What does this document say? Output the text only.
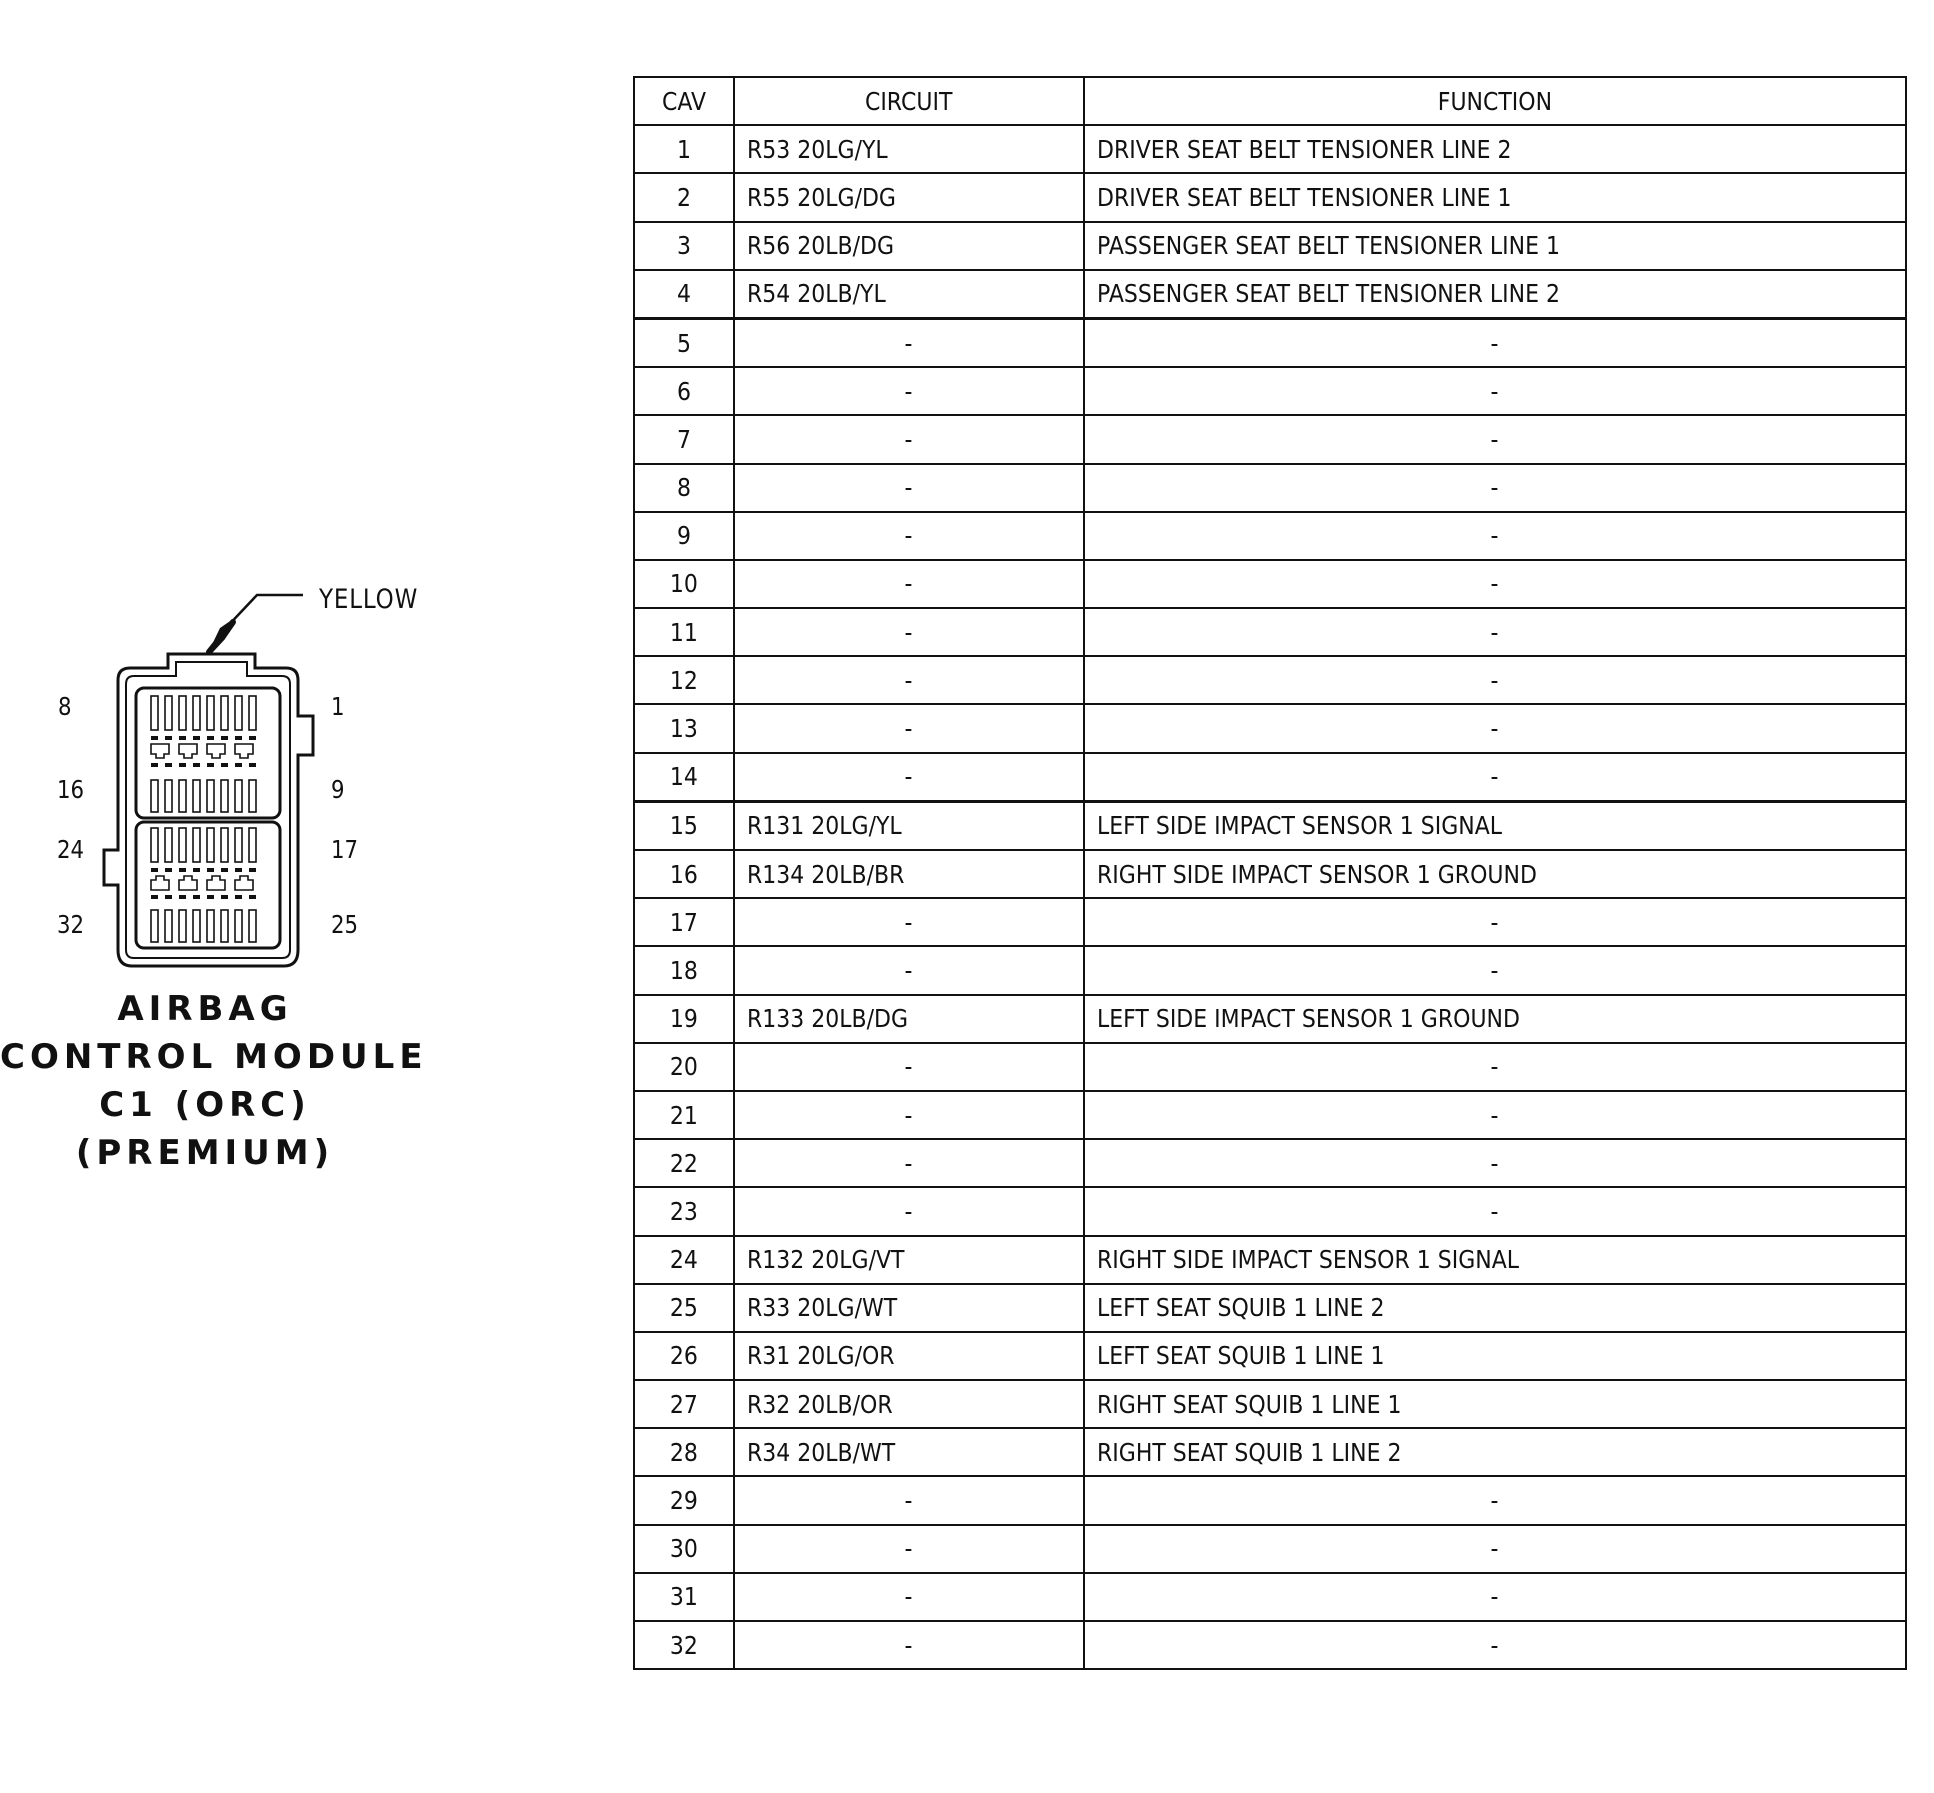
YELLOW
8	1
16	9
24	17
32	25
AIRBAG
CONTROL MODULE
C1 (ORC)
(PREMIUM)
CAV	CIRCUIT	FUNCTION
1	R53 20LG/YL	DRIVER SEAT BELT TENSIONER LINE 2
2	R55 20LG/DG	DRIVER SEAT BELT TENSIONER LINE 1
3	R56 20LB/DG	PASSENGER SEAT BELT TENSIONER LINE 1
4	R54 20LB/YL	PASSENGER SEAT BELT TENSIONER LINE 2
5	-	-
6	-	-
7	-	-
8	-	-
9	-	-
10	-	-
11	-	-
12	-	-
13	-	-
14	-	-
15	R131 20LG/YL	LEFT SIDE IMPACT SENSOR 1 SIGNAL
16	R134 20LB/BR	RIGHT SIDE IMPACT SENSOR 1 GROUND
17	-	-
18	-	-
19	R133 20LB/DG	LEFT SIDE IMPACT SENSOR 1 GROUND
20	-	-
21	-	-
22	-	-
23	-	-
24	R132 20LG/VT	RIGHT SIDE IMPACT SENSOR 1 SIGNAL
25	R33 20LG/WT	LEFT SEAT SQUIB 1 LINE 2
26	R31 20LG/OR	LEFT SEAT SQUIB 1 LINE 1
27	R32 20LB/OR	RIGHT SEAT SQUIB 1 LINE 1
28	R34 20LB/WT	RIGHT SEAT SQUIB 1 LINE 2
29	-	-
30	-	-
31	-	-
32	-	-
